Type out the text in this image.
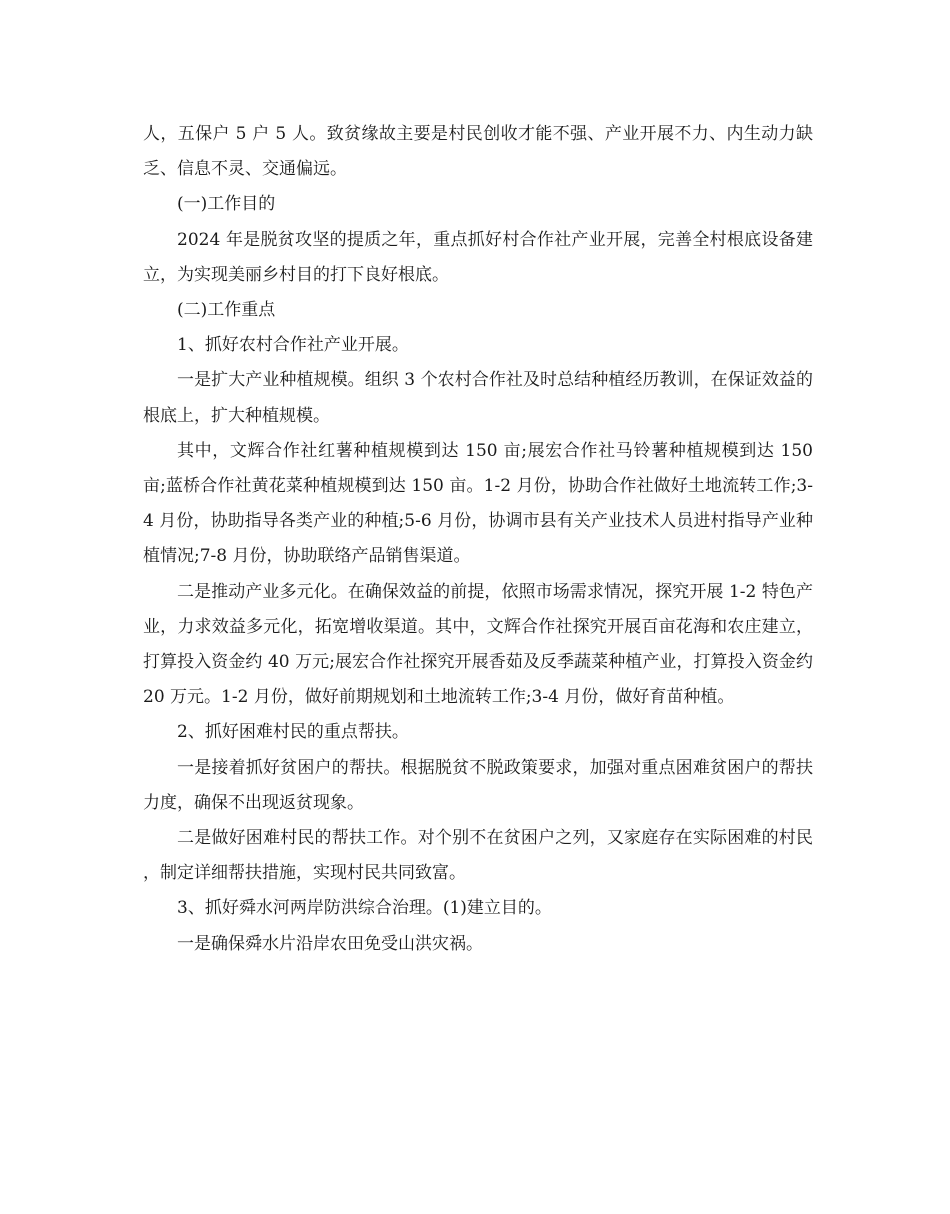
人，五保户 5 户 5 人。致贫缘故主要是村民创收才能不强、产业开展不力、内生动力缺乏、信息不灵、交通偏远。

(一)工作目的

2024 年是脱贫攻坚的提质之年，重点抓好村合作社产业开展，完善全村根底设备建立，为实现美丽乡村目的打下良好根底。

(二)工作重点

1、抓好农村合作社产业开展。

一是扩大产业种植规模。组织 3 个农村合作社及时总结种植经历教训，在保证效益的根底上，扩大种植规模。

其中，文辉合作社红薯种植规模到达 150 亩;展宏合作社马铃薯种植规模到达 150 亩;蓝桥合作社黄花菜种植规模到达 150 亩。1-2 月份，协助合作社做好土地流转工作;3-4 月份，协助指导各类产业的种植;5-6 月份，协调市县有关产业技术人员进村指导产业种植情况;7-8 月份，协助联络产品销售渠道。

二是推动产业多元化。在确保效益的前提，依照市场需求情况，探究开展 1-2 特色产业，力求效益多元化，拓宽增收渠道。其中，文辉合作社探究开展百亩花海和农庄建立，打算投入资金约 40 万元;展宏合作社探究开展香茹及反季蔬菜种植产业，打算投入资金约 20 万元。1-2 月份，做好前期规划和土地流转工作;3-4 月份，做好育苗种植。

2、抓好困难村民的重点帮扶。

一是接着抓好贫困户的帮扶。根据脱贫不脱政策要求，加强对重点困难贫困户的帮扶力度，确保不出现返贫现象。

二是做好困难村民的帮扶工作。对个别不在贫困户之列，又家庭存在实际困难的村民，制定详细帮扶措施，实现村民共同致富。

3、抓好舜水河两岸防洪综合治理。(1)建立目的。

一是确保舜水片沿岸农田免受山洪灾祸。
